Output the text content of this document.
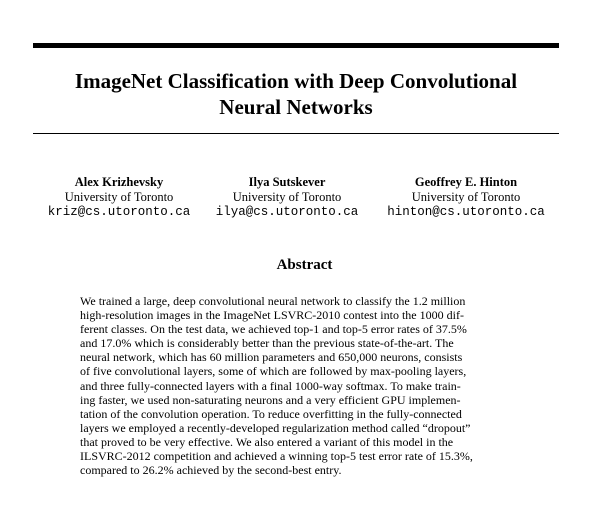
ImageNet Classification with Deep Convolutional
Neural Networks
Alex Krizhevsky
University of Toronto
kriz@cs.utoronto.ca
Ilya Sutskever
University of Toronto
ilya@cs.utoronto.ca
Geoffrey E. Hinton
University of Toronto
hinton@cs.utoronto.ca
Abstract
We trained a large, deep convolutional neural network to classify the 1.2 million
high-resolution images in the ImageNet LSVRC-2010 contest into the 1000 dif-
ferent classes. On the test data, we achieved top-1 and top-5 error rates of 37.5%
and 17.0% which is considerably better than the previous state-of-the-art. The
neural network, which has 60 million parameters and 650,000 neurons, consists
of five convolutional layers, some of which are followed by max-pooling layers,
and three fully-connected layers with a final 1000-way softmax. To make train-
ing faster, we used non-saturating neurons and a very efficient GPU implemen-
tation of the convolution operation. To reduce overfitting in the fully-connected
layers we employed a recently-developed regularization method called “dropout”
that proved to be very effective. We also entered a variant of this model in the
ILSVRC-2012 competition and achieved a winning top-5 test error rate of 15.3%,
compared to 26.2% achieved by the second-best entry.
